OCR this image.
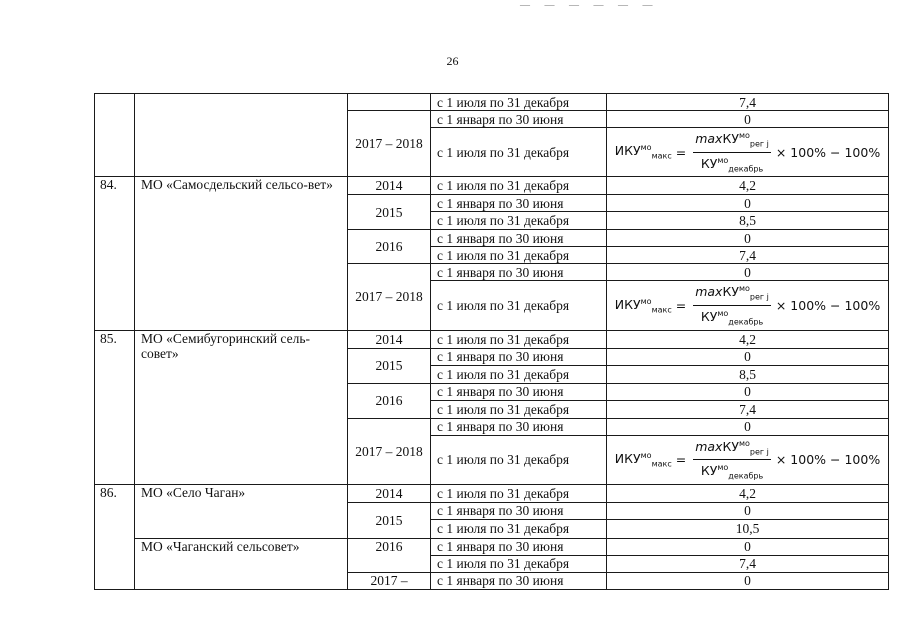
— — — — — —
26
			с 1 июля по 31 декабря	7,4
		2017 – 2018	с 1 января по 30 июня	0
			с 1 июля по 31 декабря	$ИКУ^{мо}_{макс} = \frac{\max КУ^{мо}_{рег j}}{КУ^{мо}_{декабрь}} \times 100\% - 100\%$

84.	МО «Самосдельский сельсо-вет»	2014	с 1 июля по 31 декабря	4,2
		2015	с 1 января по 30 июня	0
			с 1 июля по 31 декабря	8,5
		2016	с 1 января по 30 июня	0
			с 1 июля по 31 декабря	7,4
		2017 – 2018	с 1 января по 30 июня	0
			с 1 июля по 31 декабря	$ИКУ^{мо}_{макс} = \frac{\max КУ^{мо}_{рег j}}{КУ^{мо}_{декабрь}} \times 100\% - 100\%$

85.	МО «Семибугоринский сель-совет»	2014	с 1 июля по 31 декабря	4,2
		2015	с 1 января по 30 июня	0
			с 1 июля по 31 декабря	8,5
		2016	с 1 января по 30 июня	0
			с 1 июля по 31 декабря	7,4
		2017 – 2018	с 1 января по 30 июня	0
			с 1 июля по 31 декабря	$ИКУ^{мо}_{макс} = \frac{\max КУ^{мо}_{рег j}}{КУ^{мо}_{декабрь}} \times 100\% - 100\%$

86.	МО «Село Чаган»	2014	с 1 июля по 31 декабря	4,2
		2015	с 1 января по 30 июня	0
			с 1 июля по 31 декабря	10,5
	МО «Чаганский сельсовет»	2016	с 1 января по 30 июня	0
			с 1 июля по 31 декабря	7,4
		2017 –	с 1 января по 30 июня	0
